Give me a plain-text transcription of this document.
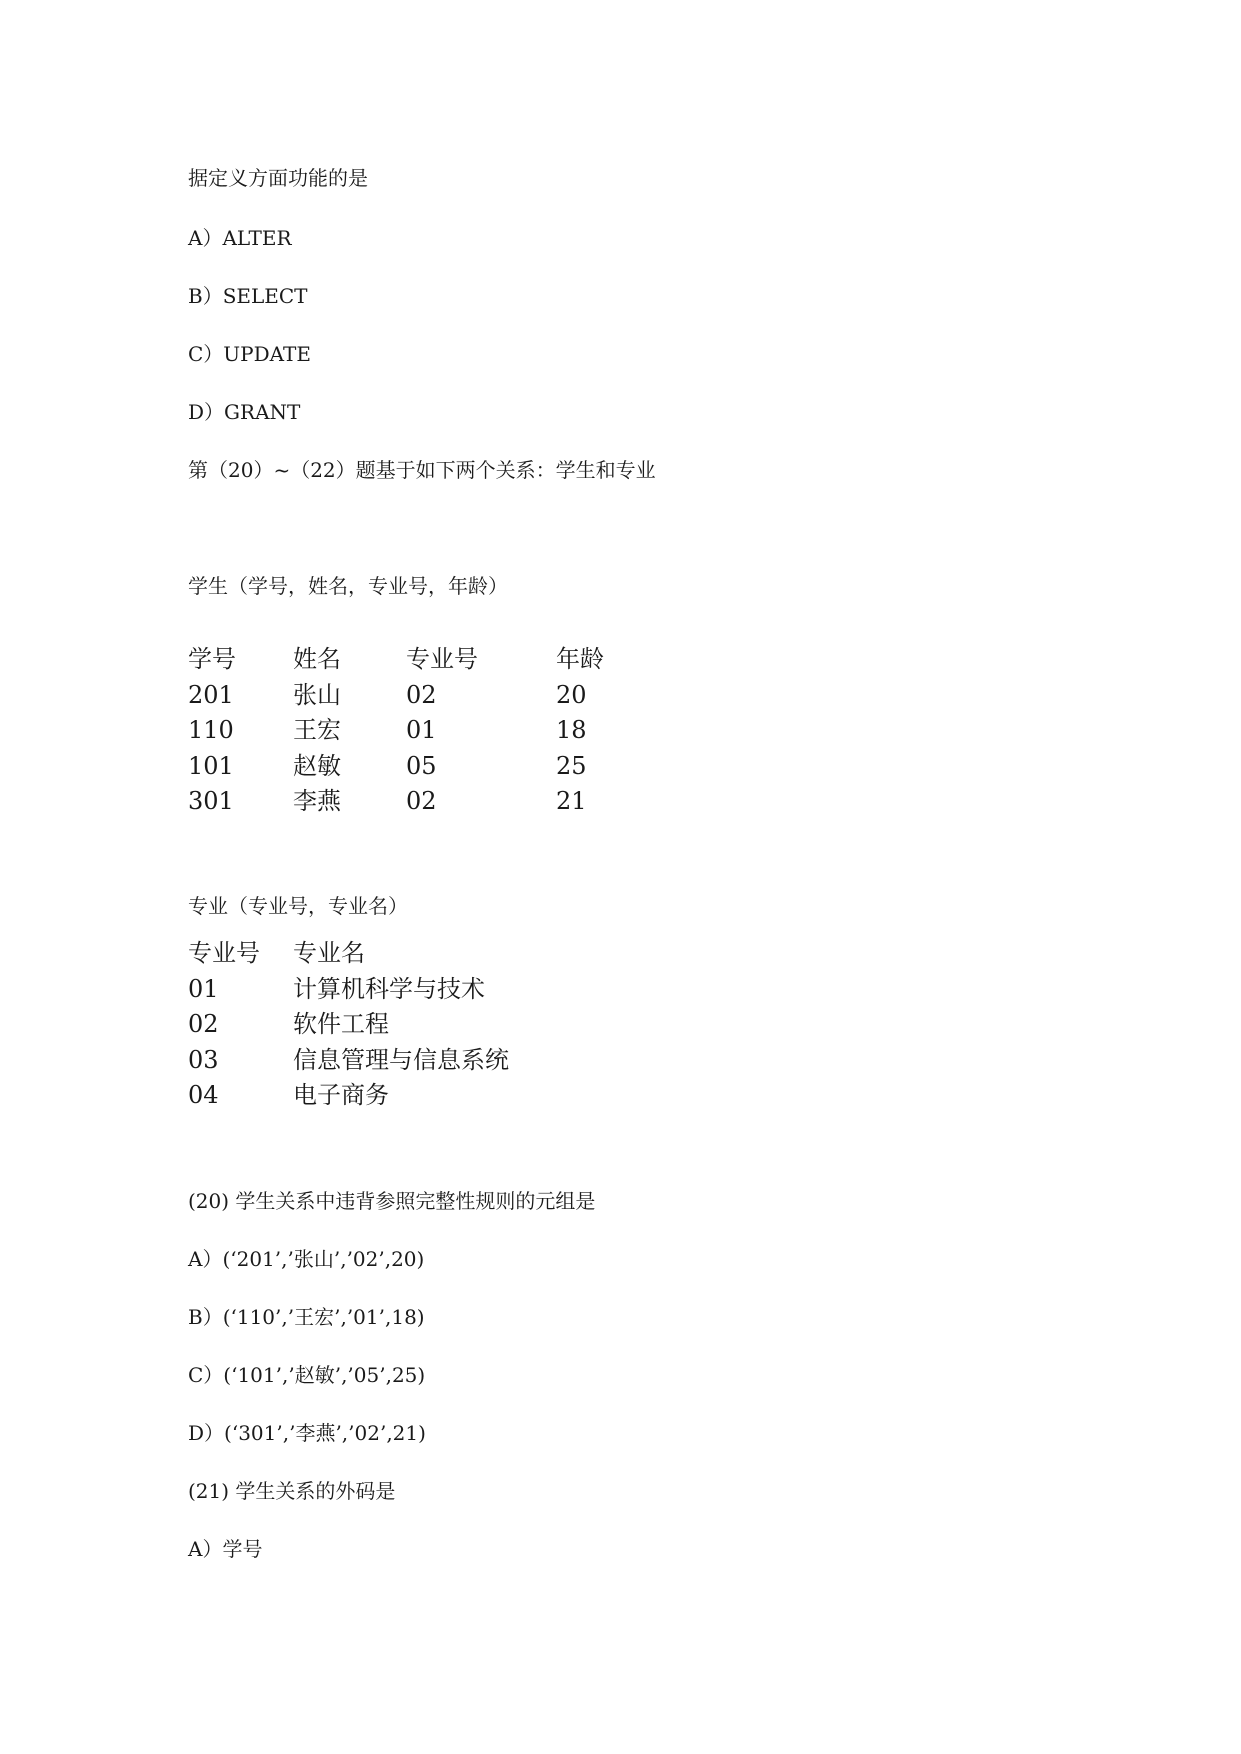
据定义方面功能的是
A）ALTER
B）SELECT
C）UPDATE
D）GRANT
第（20）~（22）题基于如下两个关系：学生和专业
学生（学号，姓名，专业号，年龄）
学号 姓名	专业号	年龄
201 张山	02	20
110 王宏	01	18
101 赵敏	05	25
301 李燕	02	21
专业（专业号，专业名）
专业号 专业名
01	计算机科学与技术
02	软件工程
03	信息管理与信息系统
04	电子商务
(20) 学生关系中违背参照完整性规则的元组是
A）(‘201’,’张山’,’02’,20)
B）(‘110’,’王宏’,’01’,18)
C）(‘101’,’赵敏’,’05’,25)
D）(‘301’,’李燕’,’02’,21)
(21) 学生关系的外码是
A）学号
